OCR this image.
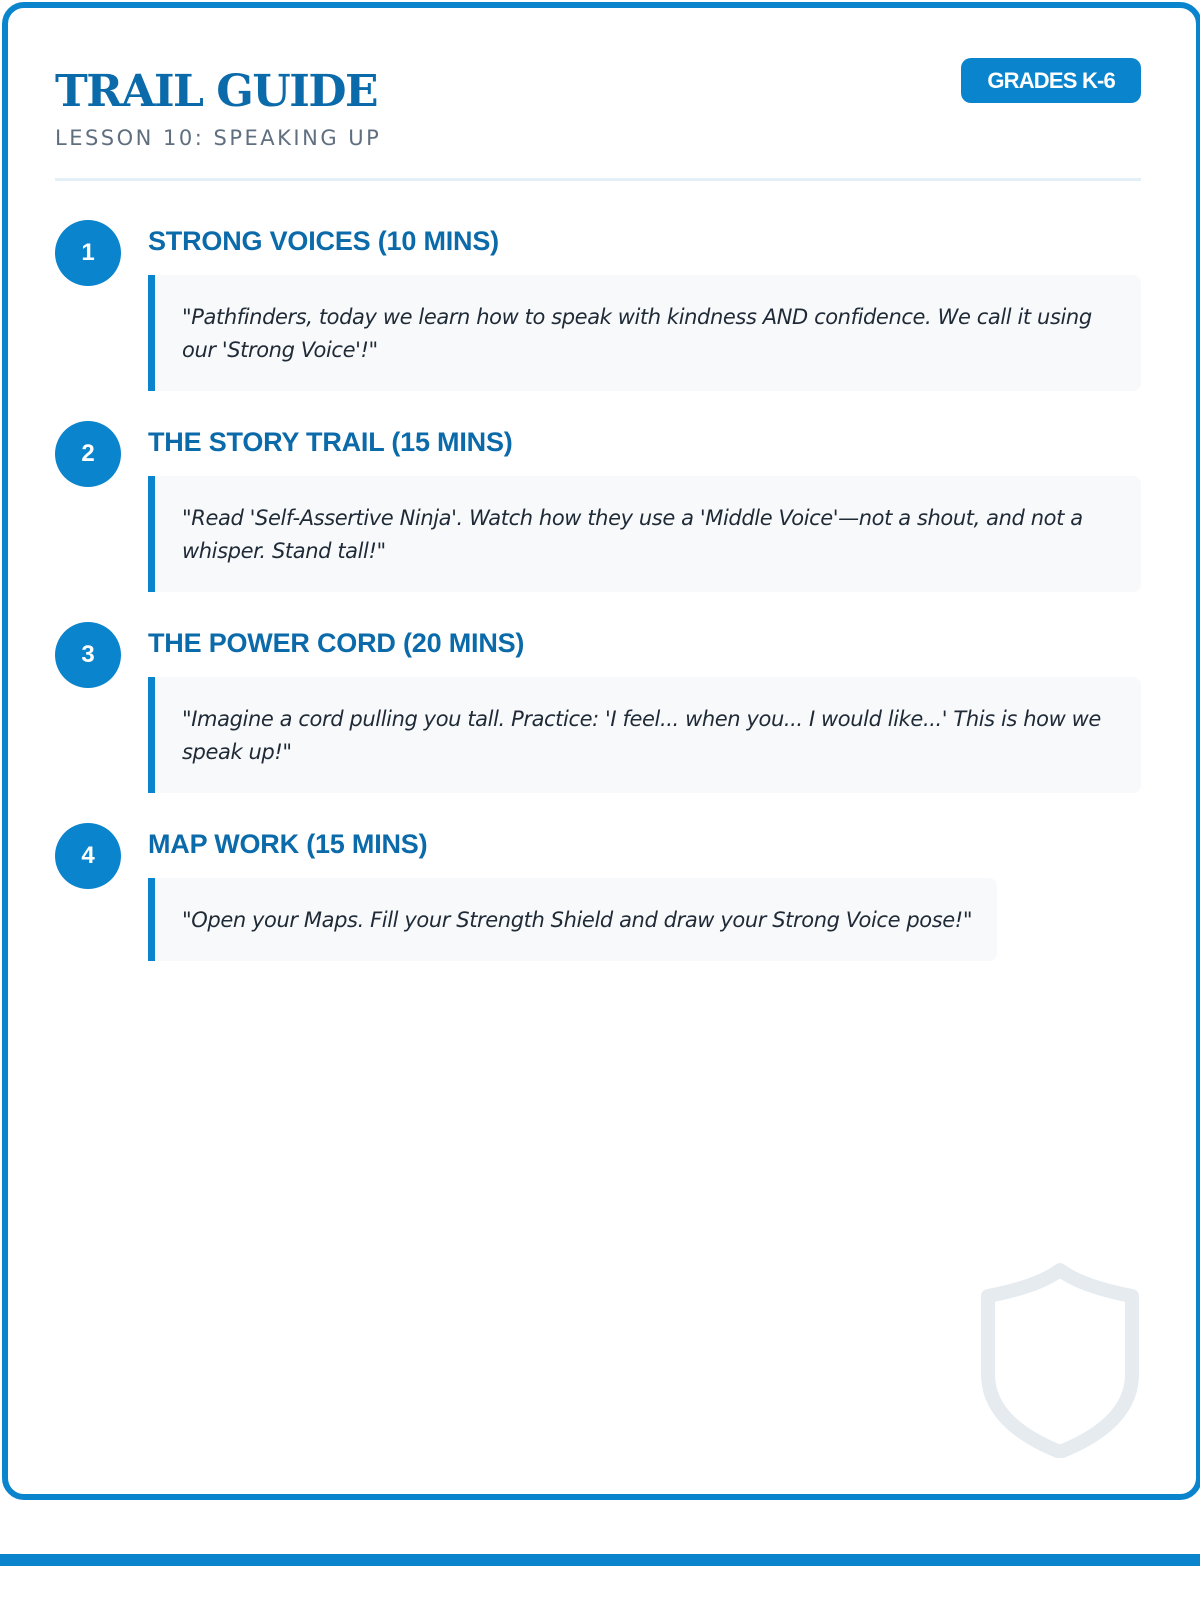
TRAIL GUIDE
LESSON 10: SPEAKING UP
GRADES K-6
1	STRONG VOICES (10 MINS)
"Pathfinders, today we learn how to speak with kindness AND confidence. We call it using our 'Strong Voice'!"
2	THE STORY TRAIL (15 MINS)
"Read 'Self-Assertive Ninja'. Watch how they use a 'Middle Voice'—not a shout, and not a whisper. Stand tall!"
3	THE POWER CORD (20 MINS)
"Imagine a cord pulling you tall. Practice: 'I feel... when you... I would like...' This is how we speak up!"
4	MAP WORK (15 MINS)
"Open your Maps. Fill your Strength Shield and draw your Strong Voice pose!"
